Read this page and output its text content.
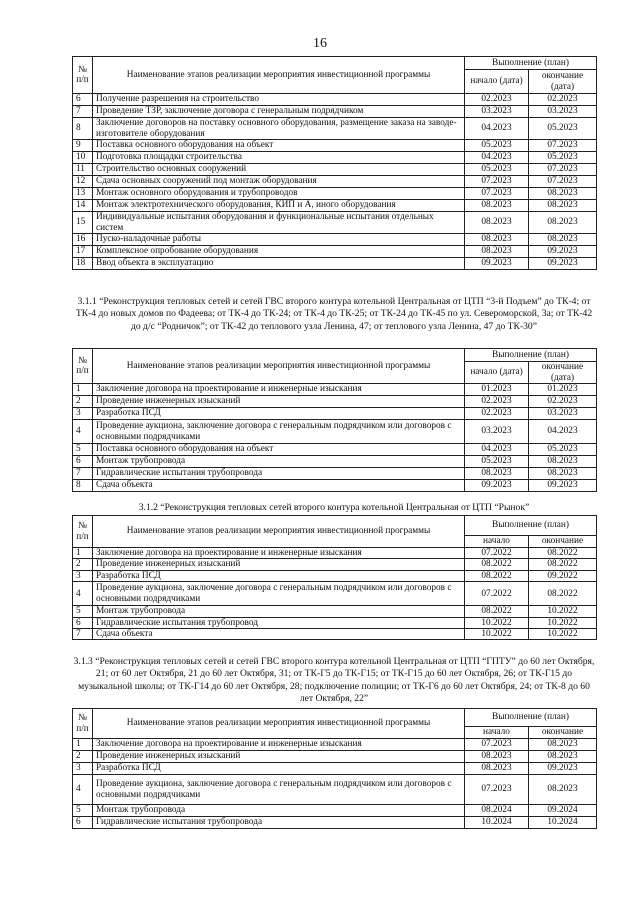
16
№ п/п	Наименование этапов реализации мероприятия инвестиционной программы	Выполнение (план)	
		начало (дата)	окончание (дата)
6	Получение разрешения на строительство	02.2023	02.2023
7	Проведение ТЗР, заключение договора с генеральным подрядчиком	03.2023	03.2023
8	Заключение договоров на поставку основного оборудования, размещение заказа на заводе-изготовителе оборудования	04.2023	05.2023
9	Поставка основного оборудования на объект	05.2023	07.2023
10	Подготовка площадки строительства	04.2023	05.2023
11	Строительство основных сооружений	05.2023	07.2023
12	Сдача основных сооружений под монтаж оборудования	07.2023	07.2023
13	Монтаж основного оборудования и трубопроводов	07.2023	08.2023
14	Монтаж электротехнического оборудования, КИП и А, иного оборудования	08.2023	08.2023
15	Индивидуальные испытания оборудования и функциональные испытания отдельных систем	08.2023	08.2023
16	Пуско-наладочные работы	08.2023	08.2023
17	Комплексное опробование оборудования	08.2023	09.2023
18	Ввод объекта в эксплуатацию	09.2023	09.2023
3.1.1 “Реконструкция тепловых сетей и сетей ГВС второго контура котельной Центральная от ЦТП “3-й Подъем” до ТК-4; от ТК-4 до новых домов по Фадеева; от ТК-4 до ТК-24; от ТК-4 до ТК-25; от ТК-24 до ТК-45 по ул. Североморской, 3а; от ТК-42 до д/с “Родничок”; от ТК-42 до теплового узла Ленина, 47; от теплового узла Ленина, 47 до ТК-30”
№ п/п	Наименование этапов реализации мероприятия инвестиционной программы	Выполнение (план)	
		начало (дата)	окончание (дата)
1	Заключение договора на проектирование и инженерные изыскания	01.2023	01.2023
2	Проведение инженерных изысканий	02.2023	02.2023
3	Разработка ПСД	02.2023	03.2023
4	Проведение аукциона, заключение договора с генеральным подрядчиком или договоров с основными подрядчиками	03.2023	04.2023
5	Поставка основного оборудования на объект	04.2023	05.2023
6	Монтаж трубопровода	05.2023	08.2023
7	Гидравлические испытания трубопровода	08.2023	08.2023
8	Сдача объекта	09.2023	09.2023
3.1.2 “Реконструкция тепловых сетей второго контура котельной Центральная от ЦТП “Рынок”
№ п/п	Наименование этапов реализации мероприятия инвестиционной программы	Выполнение (план)	
		начало	окончание
1	Заключение договора на проектирование и инженерные изыскания	07.2022	08.2022
2	Проведение инженерных изысканий	08.2022	08.2022
3	Разработка ПСД	08.2022	09.2022
4	Проведение аукциона, заключение договора с генеральным подрядчиком или договоров с основными подрядчиками	07.2022	08.2022
5	Монтаж трубопровода	08.2022	10.2022
6	Гидравлические испытания трубопровод	10.2022	10.2022
7	Сдача объекта	10.2022	10.2022
3.1.3 “Реконструкция тепловых сетей и сетей ГВС второго контура котельной Центральная от ЦТП “ГПТУ” до 60 лет Октября, 21; от 60 лет Октября, 21 до 60 лет Октября, 31; от ТК-Г5 до ТК-Г15; от ТК-Г15 до 60 лет Октября, 26; от ТК-Г15 до музыкальной школы; от ТК-Г14 до 60 лет Октября, 28; подключение полиции; от ТК-Г6 до 60 лет Октября, 24; от ТК-8 до 60 лет Октября, 22”
№ п/п	Наименование этапов реализации мероприятия инвестиционной программы	Выполнение (план)	
		начало	окончание
1	Заключение договора на проектирование и инженерные изыскания	07.2023	08.2023
2	Проведение инженерных изысканий	08.2023	08.2023
3	Разработка ПСД	08.2023	09.2023
4	Проведение аукциона, заключение договора с генеральным подрядчиком или договоров с основными подрядчиками	07.2023	08.2023
5	Монтаж трубопровода	08.2024	09.2024
6	Гидравлические испытания трубопровода	10.2024	10.2024
